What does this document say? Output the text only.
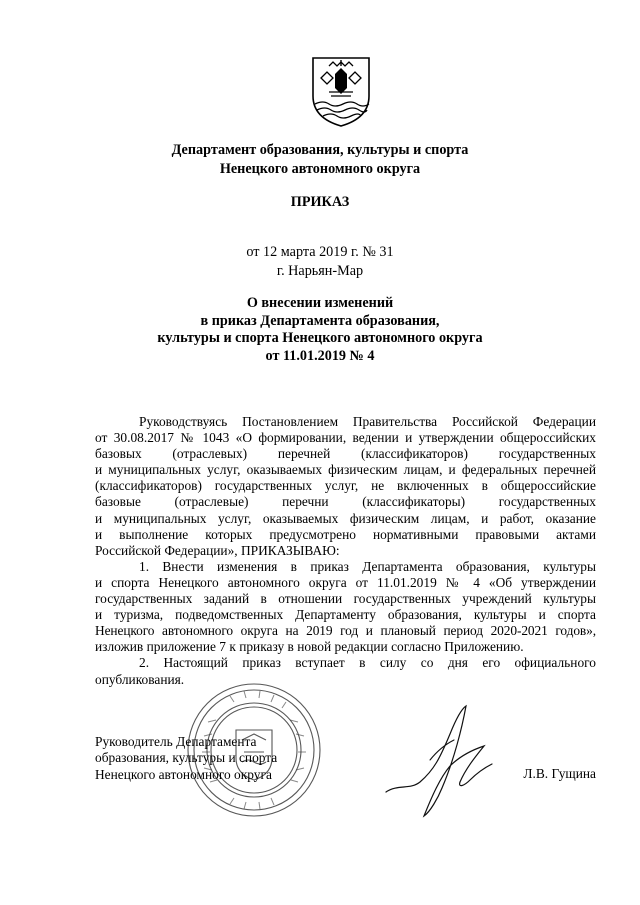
Департамент образования, культуры и спорта
Ненецкого автономного округа
ПРИКАЗ
от 12 марта 2019 г. № 31
г. Нарьян-Мар
О внесении изменений
в приказ Департамента образования,
культуры и спорта Ненецкого автономного округа
от 11.01.2019 № 4
Руководствуясь Постановлением Правительства Российской Федерации
от 30.08.2017 № 1043 «О формировании, ведении и утверждении общероссийских
базовых (отраслевых) перечней (классификаторов) государственных
и муниципальных услуг, оказываемых физическим лицам, и федеральных перечней
(классификаторов) государственных услуг, не включенных в общероссийские
базовые (отраслевые) перечни (классификаторы) государственных
и муниципальных услуг, оказываемых физическим лицам, и работ, оказание
и выполнение которых предусмотрено нормативными правовыми актами
Российской Федерации», ПРИКАЗЫВАЮ:
1. Внести изменения в приказ Департамента образования, культуры
и спорта Ненецкого автономного округа от 11.01.2019 № 4 «Об утверждении
государственных заданий в отношении государственных учреждений культуры
и туризма, подведомственных Департаменту образования, культуры и спорта
Ненецкого автономного округа на 2019 год и плановый период 2020-2021 годов»,
изложив приложение 7 к приказу в новой редакции согласно Приложению.
2. Настоящий приказ вступает в силу со дня его официального
опубликования.
Руководитель Департамента
образования, культуры и спорта
Ненецкого автономного округа	Л.В. Гущина
